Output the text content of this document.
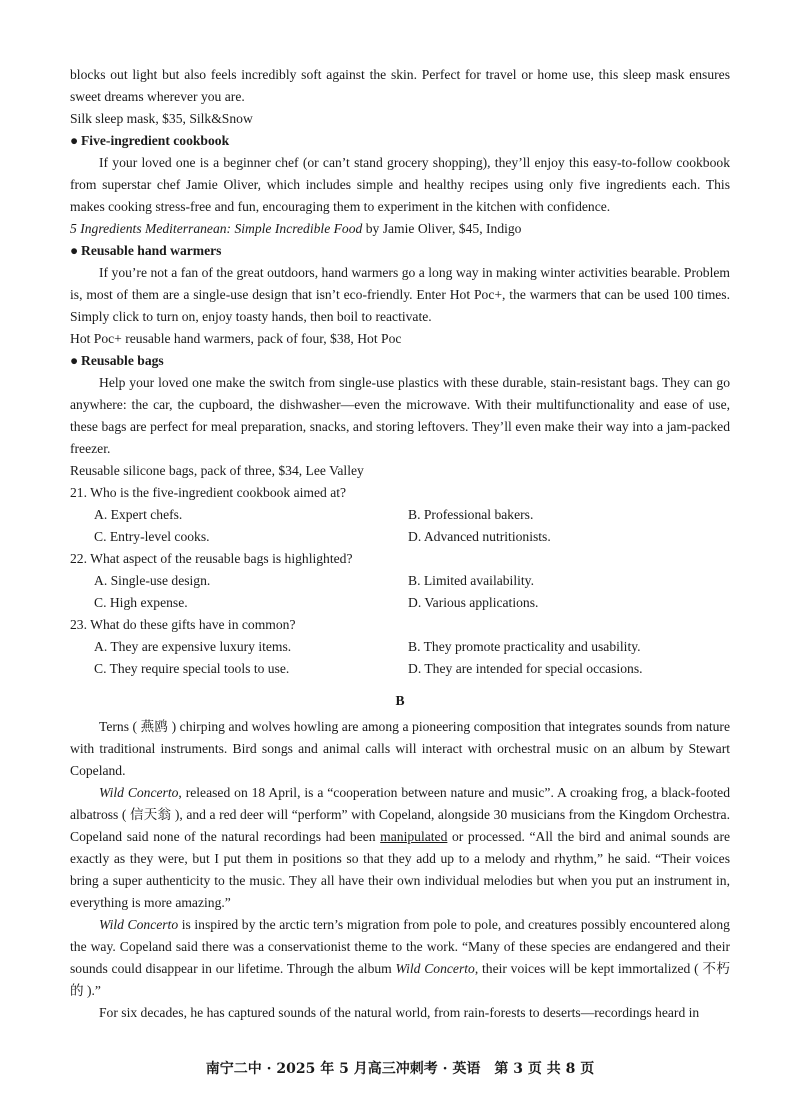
blocks out light but also feels incredibly soft against the skin. Perfect for travel or home use, this sleep mask ensures sweet dreams wherever you are.

Silk sleep mask, $35, Silk&Snow

● Five-ingredient cookbook

If your loved one is a beginner chef (or can’t stand grocery shopping), they’ll enjoy this easy-to-follow cookbook from superstar chef Jamie Oliver, which includes simple and healthy recipes using only five ingredients each. This makes cooking stress-free and fun, encouraging them to experiment in the kitchen with confidence.

5 Ingredients Mediterranean: Simple Incredible Food by Jamie Oliver, $45, Indigo

● Reusable hand warmers

If you’re not a fan of the great outdoors, hand warmers go a long way in making winter activities bearable. Problem is, most of them are a single-use design that isn’t eco-friendly. Enter Hot Poc+, the warmers that can be used 100 times. Simply click to turn on, enjoy toasty hands, then boil to reactivate.

Hot Poc+ reusable hand warmers, pack of four, $38, Hot Poc

● Reusable bags

Help your loved one make the switch from single-use plastics with these durable, stain-resistant bags. They can go anywhere: the car, the cupboard, the dishwasher—even the microwave. With their multifunctionality and ease of use, these bags are perfect for meal preparation, snacks, and storing leftovers. They’ll even make their way into a jam-packed freezer.

Reusable silicone bags, pack of three, $34, Lee Valley

21. Who is the five-ingredient cookbook aimed at?

A. Expert chefs.	B. Professional bakers.
C. Entry-level cooks.	D. Advanced nutritionists.

22. What aspect of the reusable bags is highlighted?

A. Single-use design.	B. Limited availability.
C. High expense.	D. Various applications.

23. What do these gifts have in common?

A. They are expensive luxury items.	B. They promote practicality and usability.
C. They require special tools to use.	D. They are intended for special occasions.

B

Terns ( 燕鸥 ) chirping and wolves howling are among a pioneering composition that integrates sounds from nature with traditional instruments. Bird songs and animal calls will interact with orchestral music on an album by Stewart Copeland.

Wild Concerto, released on 18 April, is a “cooperation between nature and music”. A croaking frog, a black-footed albatross ( 信天翁 ), and a red deer will “perform” with Copeland, alongside 30 musicians from the Kingdom Orchestra. Copeland said none of the natural recordings had been manipulated or processed. “All the bird and animal sounds are exactly as they were, but I put them in positions so that they add up to a melody and rhythm,” he said. “Their voices bring a super authenticity to the music. They all have their own individual melodies but when you put an instrument in, everything is more amazing.”

Wild Concerto is inspired by the arctic tern’s migration from pole to pole, and creatures possibly encountered along the way. Copeland said there was a conservationist theme to the work. “Many of these species are endangered and their sounds could disappear in our lifetime. Through the album Wild Concerto, their voices will be kept immortalized ( 不朽的 ).”

For six decades, he has captured sounds of the natural world, from rain-forests to deserts—recordings heard in

南宁二中 · 2025 年 5 月高三冲刺考 · 英语　第 3 页 共 8 页
